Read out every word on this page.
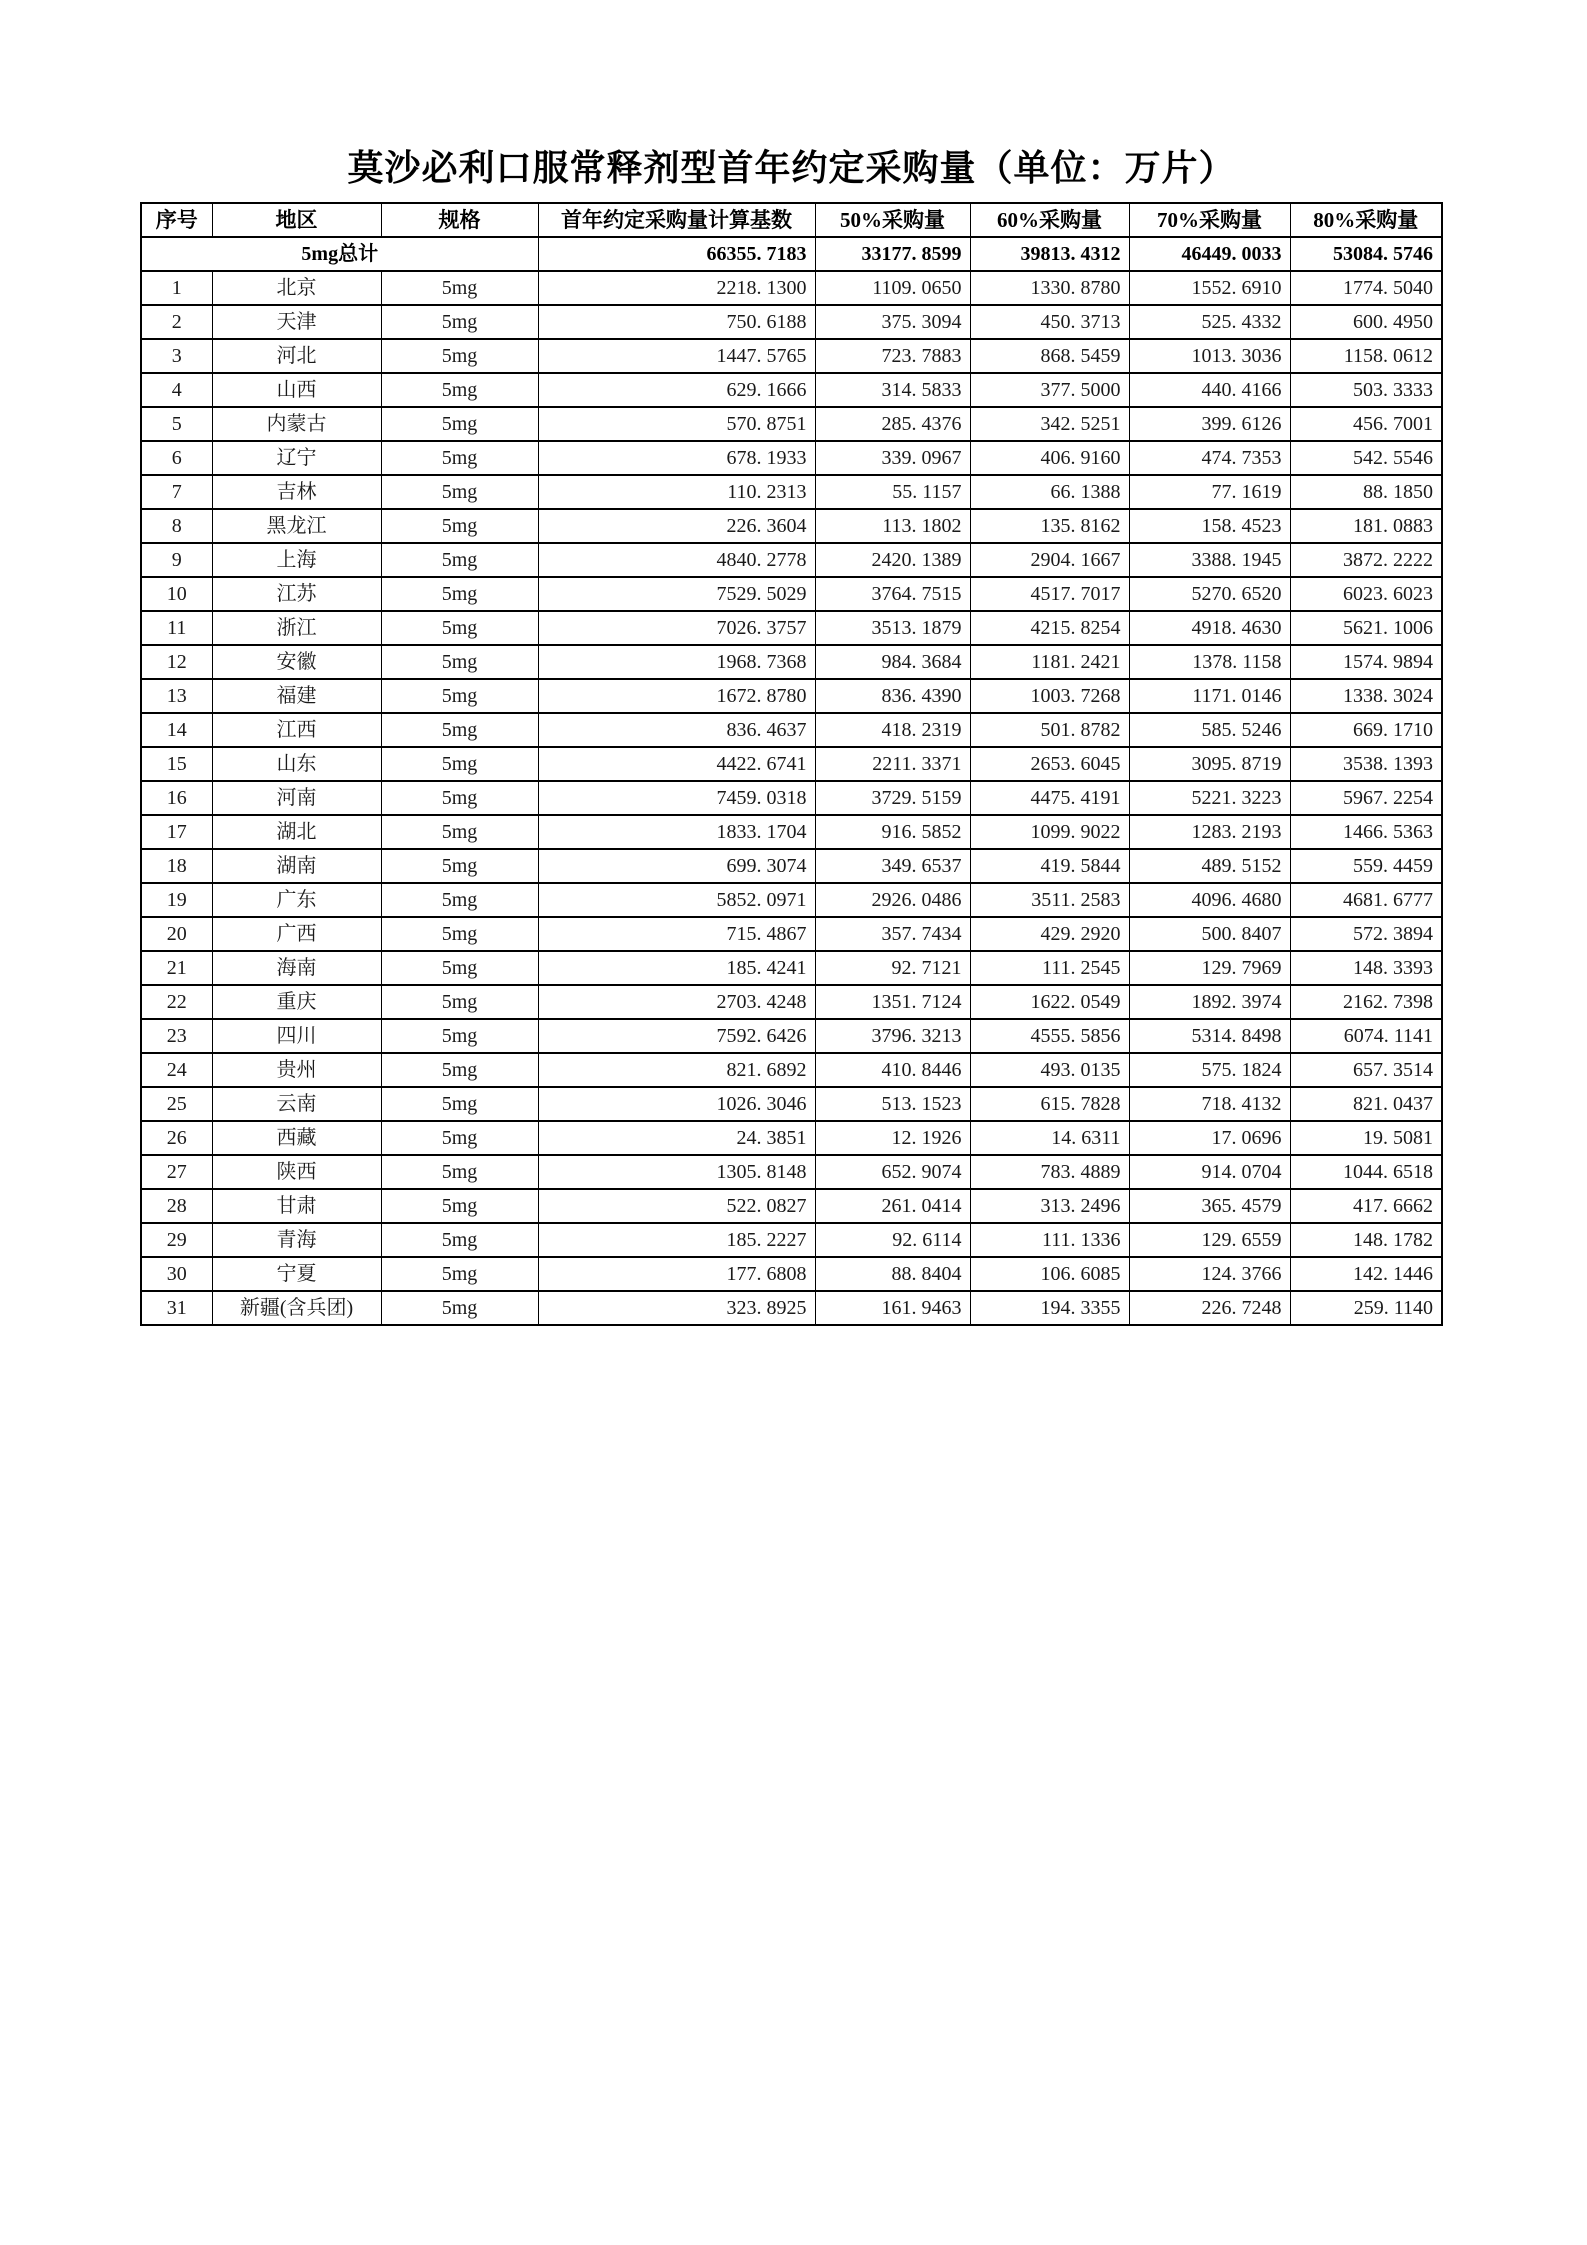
莫沙必利口服常释剂型首年约定采购量（单位：万片）
序号	地区	规格	首年约定采购量计算基数	50%采购量	60%采购量	70%采购量	80%采购量
5mg总计			66355. 7183	33177. 8599	39813. 4312	46449. 0033	53084. 5746
1	北京	5mg	2218. 1300	1109. 0650	1330. 8780	1552. 6910	1774. 5040
2	天津	5mg	750. 6188	375. 3094	450. 3713	525. 4332	600. 4950
3	河北	5mg	1447. 5765	723. 7883	868. 5459	1013. 3036	1158. 0612
4	山西	5mg	629. 1666	314. 5833	377. 5000	440. 4166	503. 3333
5	内蒙古	5mg	570. 8751	285. 4376	342. 5251	399. 6126	456. 7001
6	辽宁	5mg	678. 1933	339. 0967	406. 9160	474. 7353	542. 5546
7	吉林	5mg	110. 2313	55. 1157	66. 1388	77. 1619	88. 1850
8	黑龙江	5mg	226. 3604	113. 1802	135. 8162	158. 4523	181. 0883
9	上海	5mg	4840. 2778	2420. 1389	2904. 1667	3388. 1945	3872. 2222
10	江苏	5mg	7529. 5029	3764. 7515	4517. 7017	5270. 6520	6023. 6023
11	浙江	5mg	7026. 3757	3513. 1879	4215. 8254	4918. 4630	5621. 1006
12	安徽	5mg	1968. 7368	984. 3684	1181. 2421	1378. 1158	1574. 9894
13	福建	5mg	1672. 8780	836. 4390	1003. 7268	1171. 0146	1338. 3024
14	江西	5mg	836. 4637	418. 2319	501. 8782	585. 5246	669. 1710
15	山东	5mg	4422. 6741	2211. 3371	2653. 6045	3095. 8719	3538. 1393
16	河南	5mg	7459. 0318	3729. 5159	4475. 4191	5221. 3223	5967. 2254
17	湖北	5mg	1833. 1704	916. 5852	1099. 9022	1283. 2193	1466. 5363
18	湖南	5mg	699. 3074	349. 6537	419. 5844	489. 5152	559. 4459
19	广东	5mg	5852. 0971	2926. 0486	3511. 2583	4096. 4680	4681. 6777
20	广西	5mg	715. 4867	357. 7434	429. 2920	500. 8407	572. 3894
21	海南	5mg	185. 4241	92. 7121	111. 2545	129. 7969	148. 3393
22	重庆	5mg	2703. 4248	1351. 7124	1622. 0549	1892. 3974	2162. 7398
23	四川	5mg	7592. 6426	3796. 3213	4555. 5856	5314. 8498	6074. 1141
24	贵州	5mg	821. 6892	410. 8446	493. 0135	575. 1824	657. 3514
25	云南	5mg	1026. 3046	513. 1523	615. 7828	718. 4132	821. 0437
26	西藏	5mg	24. 3851	12. 1926	14. 6311	17. 0696	19. 5081
27	陕西	5mg	1305. 8148	652. 9074	783. 4889	914. 0704	1044. 6518
28	甘肃	5mg	522. 0827	261. 0414	313. 2496	365. 4579	417. 6662
29	青海	5mg	185. 2227	92. 6114	111. 1336	129. 6559	148. 1782
30	宁夏	5mg	177. 6808	88. 8404	106. 6085	124. 3766	142. 1446
31	新疆(含兵团)	5mg	323. 8925	161. 9463	194. 3355	226. 7248	259. 1140
